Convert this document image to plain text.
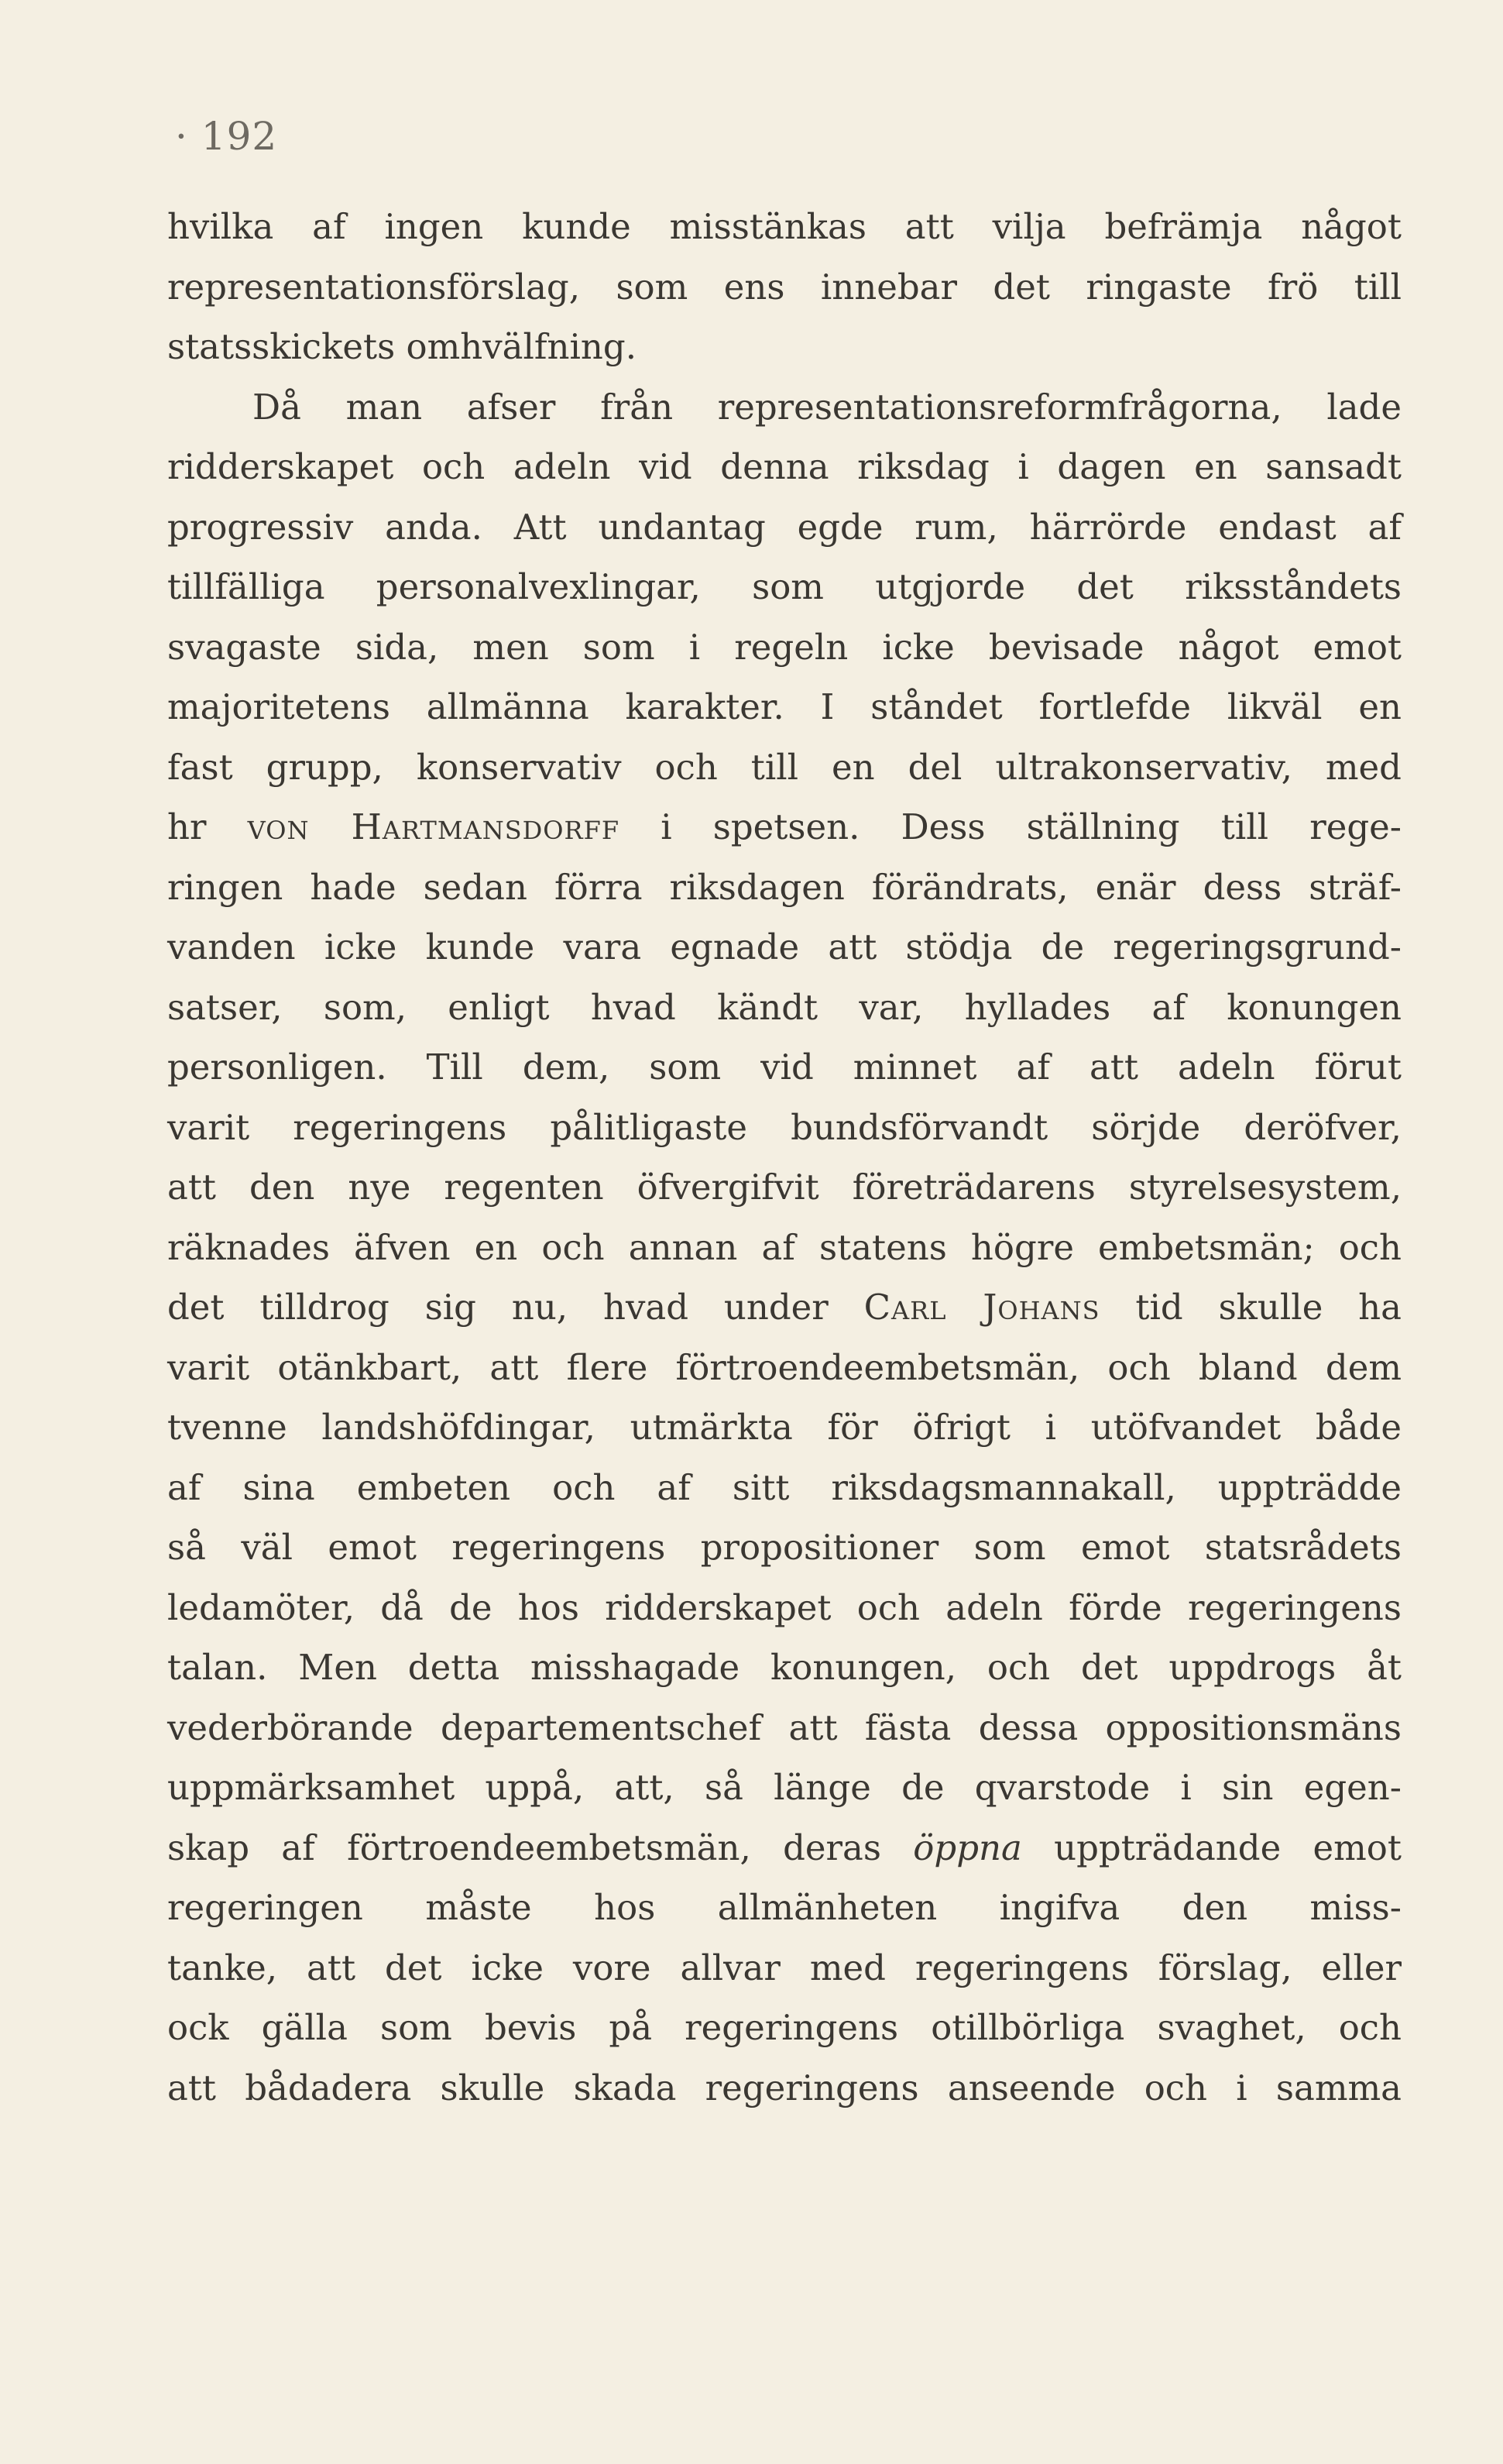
· 192
hvilka af ingen kunde misstänkas att vilja befrämja något
representationsförslag, som ens innebar det ringaste frö till
statsskickets omhvälfning.
Då man afser från representationsreformfrågorna, lade
ridderskapet och adeln vid denna riksdag i dagen en sansadt
progressiv anda. Att undantag egde rum, härrörde endast af
tillfälliga personalvexlingar, som utgjorde det riksståndets
svagaste sida, men som i regeln icke bevisade något emot
majoritetens allmänna karakter. I ståndet fortlefde likväl en
fast grupp, konservativ och till en del ultrakonservativ, med
hr von Hartmansdorff i spetsen. Dess ställning till rege-
ringen hade sedan förra riksdagen förändrats, enär dess sträf-
vanden icke kunde vara egnade att stödja de regeringsgrund-
satser, som, enligt hvad kändt var, hyllades af konungen
personligen. Till dem, som vid minnet af att adeln förut
varit regeringens pålitligaste bundsförvandt sörjde deröfver,
att den nye regenten öfvergifvit företrädarens styrelsesystem,
räknades äfven en och annan af statens högre embetsmän; och
det tilldrog sig nu, hvad under Carl Johans tid skulle ha
varit otänkbart, att flere förtroendeembetsmän, och bland dem
tvenne landshöfdingar, utmärkta för öfrigt i utöfvandet både
af sina embeten och af sitt riksdagsmannakall, uppträdde
så väl emot regeringens propositioner som emot statsrådets
ledamöter, då de hos ridderskapet och adeln förde regeringens
talan. Men detta misshagade konungen, och det uppdrogs åt
vederbörande departementschef att fästa dessa oppositionsmäns
uppmärksamhet uppå, att, så länge de qvarstode i sin egen-
skap af förtroendeembetsmän, deras öppna uppträdande emot
regeringen måste hos allmänheten ingifva den miss-
tanke, att det icke vore allvar med regeringens förslag, eller
ock gälla som bevis på regeringens otillbörliga svaghet, och
att bådadera skulle skada regeringens anseende och i samma
